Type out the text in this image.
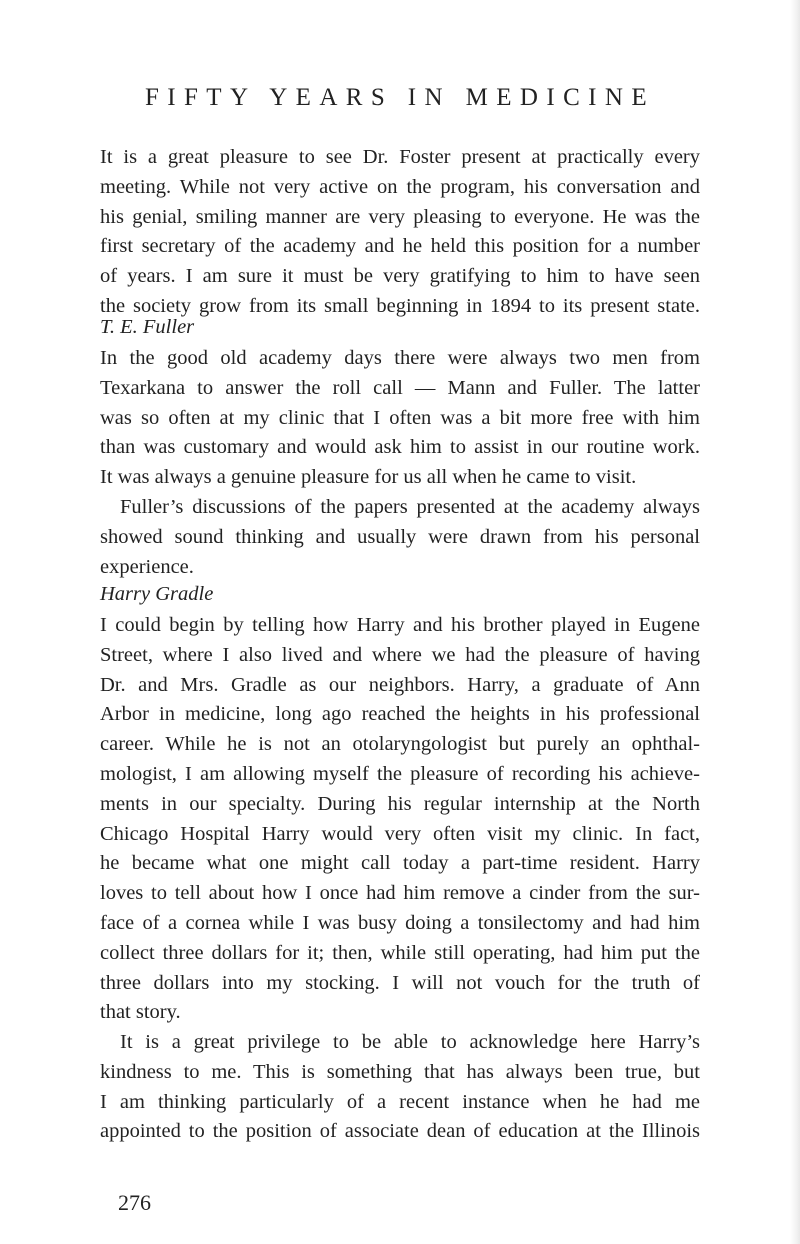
FIFTY YEARS IN MEDICINE
It is a great pleasure to see Dr. Foster present at practically every
meeting. While not very active on the program, his conversation and
his genial, smiling manner are very pleasing to everyone. He was the
first secretary of the academy and he held this position for a number
of years. I am sure it must be very gratifying to him to have seen
the society grow from its small beginning in 1894 to its present state.
T. E. Fuller
In the good old academy days there were always two men from
Texarkana to answer the roll call — Mann and Fuller. The latter
was so often at my clinic that I often was a bit more free with him
than was customary and would ask him to assist in our routine work.
It was always a genuine pleasure for us all when he came to visit.
Fuller’s discussions of the papers presented at the academy always
showed sound thinking and usually were drawn from his personal
experience.
Harry Gradle
I could begin by telling how Harry and his brother played in Eugene
Street, where I also lived and where we had the pleasure of having
Dr. and Mrs. Gradle as our neighbors. Harry, a graduate of Ann
Arbor in medicine, long ago reached the heights in his professional
career. While he is not an otolaryngologist but purely an ophthal-
mologist, I am allowing myself the pleasure of recording his achieve-
ments in our specialty. During his regular internship at the North
Chicago Hospital Harry would very often visit my clinic. In fact,
he became what one might call today a part-time resident. Harry
loves to tell about how I once had him remove a cinder from the sur-
face of a cornea while I was busy doing a tonsilectomy and had him
collect three dollars for it; then, while still operating, had him put the
three dollars into my stocking. I will not vouch for the truth of
that story.
It is a great privilege to be able to acknowledge here Harry’s
kindness to me. This is something that has always been true, but
I am thinking particularly of a recent instance when he had me
appointed to the position of associate dean of education at the Illinois
276
